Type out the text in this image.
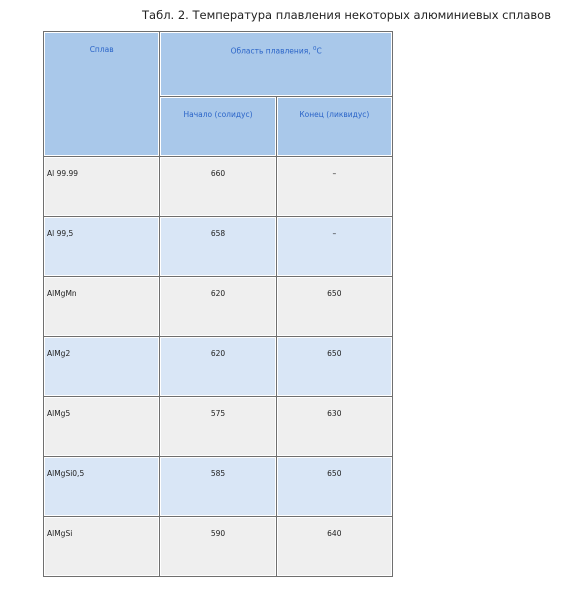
Табл. 2. Температура плавления некоторых алюминиевых сплавов
Сплав	Область плавления, $^0$C	
	Начало (солидус)	Конец (ликвидус)
Al 99.99	660	–
Al 99,5	658	–
AlMgMn	620	650
AlMg2	620	650
AlMg5	575	630
AlMgSi0,5	585	650
AlMgSi	590	640
